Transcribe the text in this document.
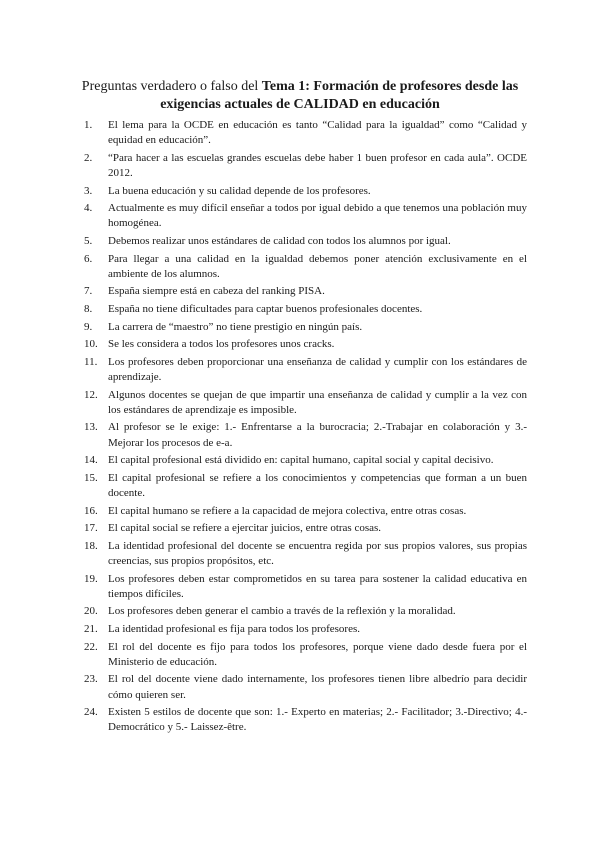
Preguntas verdadero o falso del Tema 1: Formación de profesores desde las exigencias actuales de CALIDAD en educación
1.	El lema para la OCDE en educación es tanto “Calidad para la igualdad” como “Calidad y equidad en educación”.
2.	“Para hacer a las escuelas grandes escuelas debe haber 1 buen profesor en cada aula”. OCDE 2012.
3.	La buena educación y su calidad depende de los profesores.
4.	Actualmente es muy difícil enseñar a todos por igual debido a que tenemos una población muy homogénea.
5.	Debemos realizar unos estándares de calidad con todos los alumnos por igual.
6.	Para llegar a una calidad en la igualdad debemos poner atención exclusivamente en el ambiente de los alumnos.
7.	España siempre está en cabeza del ranking PISA.
8.	España no tiene dificultades para captar buenos profesionales docentes.
9.	La carrera de “maestro” no tiene prestigio en ningún país.
10. Se les considera a todos los profesores unos cracks.
11. Los profesores deben proporcionar una enseñanza de calidad y cumplir con los estándares de aprendizaje.
12. Algunos docentes se quejan de que impartir una enseñanza de calidad y cumplir a la vez con los estándares de aprendizaje es imposible.
13. Al profesor se le exige: 1.- Enfrentarse a la burocracia; 2.-Trabajar en colaboración y 3.- Mejorar los procesos de e-a.
14. El capital profesional está dividido en: capital humano, capital social y capital decisivo.
15. El capital profesional se refiere a los conocimientos y competencias que forman a un buen docente.
16. El capital humano se refiere a la capacidad de mejora colectiva, entre otras cosas.
17. El capital social se refiere a ejercitar juicios, entre otras cosas.
18. La identidad profesional del docente se encuentra regida por sus propios valores, sus propias creencias, sus propios propósitos, etc.
19. Los profesores deben estar comprometidos en su tarea para sostener la calidad educativa en tiempos difíciles.
20. Los profesores deben generar el cambio a través de la reflexión y la moralidad.
21. La identidad profesional es fija para todos los profesores.
22. El rol del docente es fijo para todos los profesores, porque viene dado desde fuera por el Ministerio de educación.
23. El rol del docente viene dado internamente, los profesores tienen libre albedrío para decidir cómo quieren ser.
24. Existen 5 estilos de docente que son: 1.- Experto en materias; 2.- Facilitador; 3.-Directivo; 4.- Democrático y 5.- Laissez-être.
